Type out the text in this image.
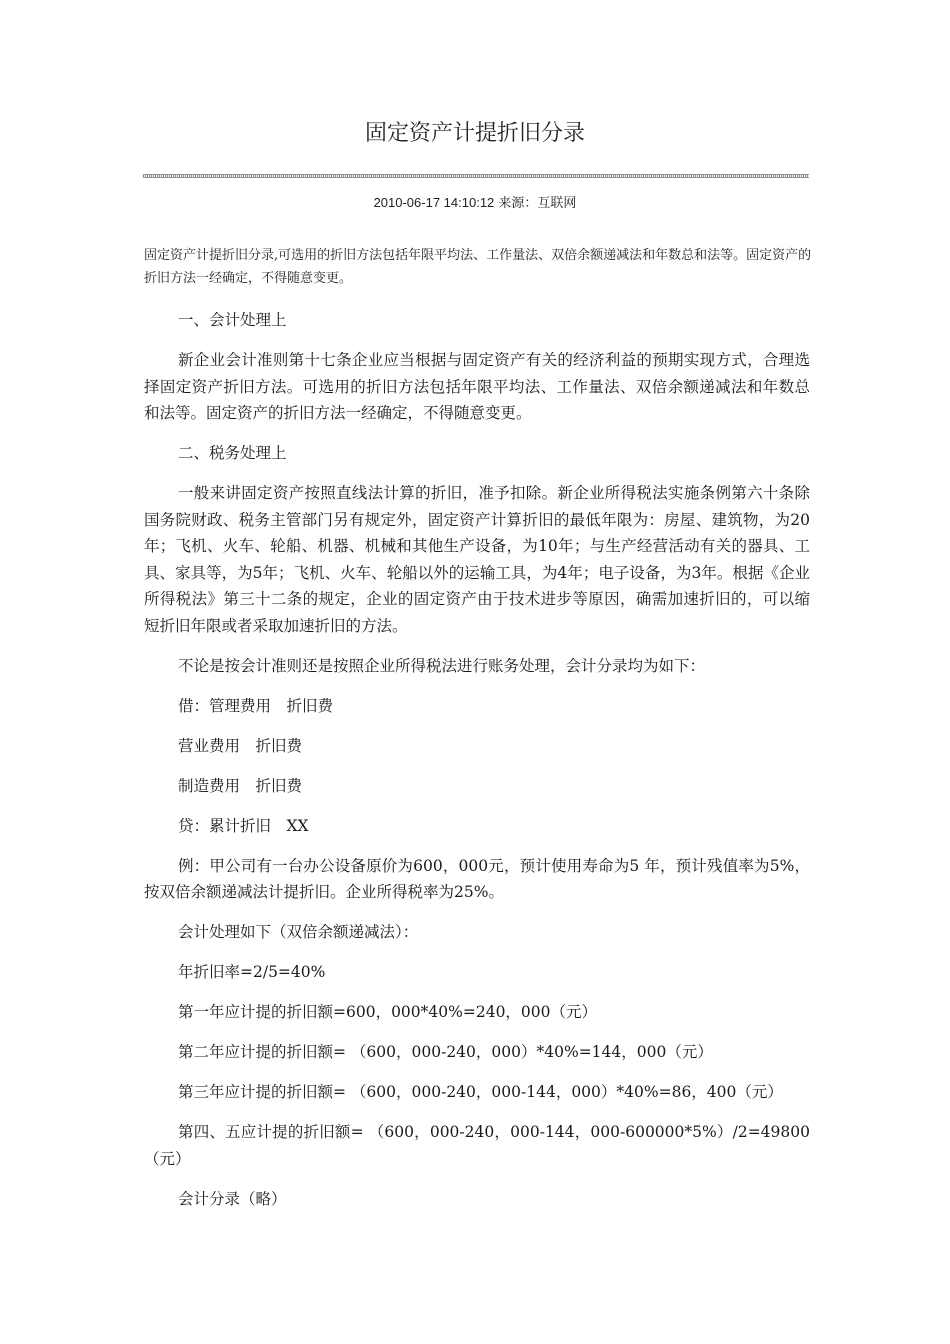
固定资产计提折旧分录
2010-06-17 14:10:12 来源：互联网

固定资产计提折旧分录,可选用的折旧方法包括年限平均法、工作量法、双倍余额递减法和年数总和法等。固定资产的折旧方法一经确定，不得随意变更。

一、会计处理上

新企业会计准则第十七条企业应当根据与固定资产有关的经济利益的预期实现方式，合理选择固定资产折旧方法。可选用的折旧方法包括年限平均法、工作量法、双倍余额递减法和年数总和法等。固定资产的折旧方法一经确定，不得随意变更。

二、税务处理上

一般来讲固定资产按照直线法计算的折旧，准予扣除。新企业所得税法实施条例第六十条除国务院财政、税务主管部门另有规定外，固定资产计算折旧的最低年限为：房屋、建筑物，为20年；飞机、火车、轮船、机器、机械和其他生产设备，为10年；与生产经营活动有关的器具、工具、家具等，为5年；飞机、火车、轮船以外的运输工具，为4年；电子设备，为3年。根据《企业所得税法》第三十二条的规定，企业的固定资产由于技术进步等原因，确需加速折旧的，可以缩短折旧年限或者采取加速折旧的方法。

不论是按会计准则还是按照企业所得税法进行账务处理，会计分录均为如下：

借：管理费用　折旧费

营业费用　折旧费

制造费用　折旧费

贷：累计折旧　XX

例：甲公司有一台办公设备原价为600，000元，预计使用寿命为5 年，预计残值率为5%，按双倍余额递减法计提折旧。企业所得税率为25%。

会计处理如下（双倍余额递减法）：

年折旧率=2/5=40%

第一年应计提的折旧额=600，000*40%=240，000（元）

第二年应计提的折旧额= （600，000-240，000）*40%=144，000（元）

第三年应计提的折旧额= （600，000-240，000-144，000）*40%=86，400（元）

第四、五应计提的折旧额= （600，000-240，000-144，000-600000*5%）/2=49800（元）

会计分录（略）
